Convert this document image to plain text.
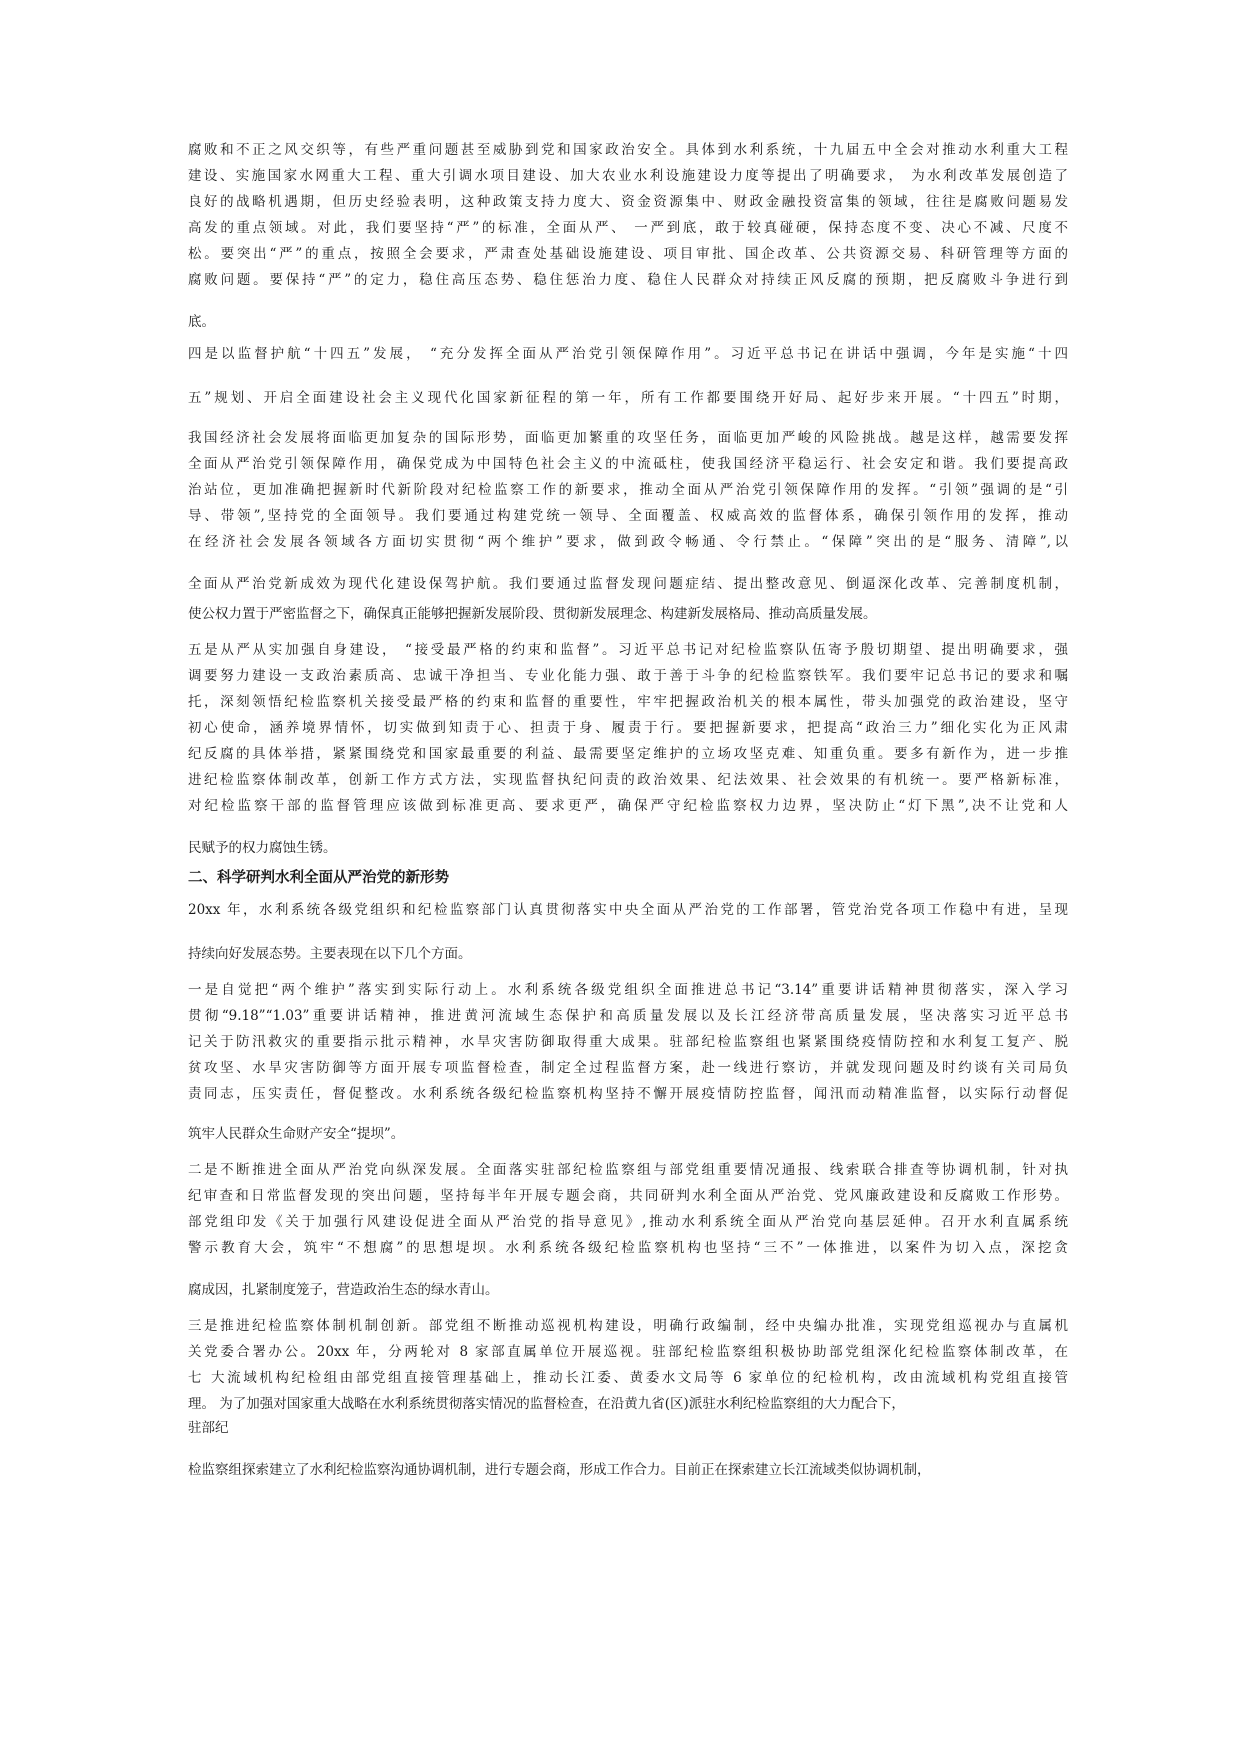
腐败和不正之风交织等，有些严重问题甚至威胁到党和国家政治安全。具体到水利系统，十九届五中全会对推动水利重大工程
建设、实施国家水网重大工程、重大引调水项目建设、加大农业水利设施建设力度等提出了明确要求， 为水利改革发展创造了
良好的战略机遇期，但历史经验表明，这种政策支持力度大、资金资源集中、财政金融投资富集的领域，往往是腐败问题易发
高发的重点领域。对此，我们要坚持“严”的标准，全面从严、 一严到底，敢于较真碰硬，保持态度不变、决心不减、尺度不
松。要突出“严”的重点，按照全会要求，严肃查处基础设施建设、项目审批、国企改革、公共资源交易、科研管理等方面的
腐败问题。要保持“严”的定力，稳住高压态势、稳住惩治力度、稳住人民群众对持续正风反腐的预期，把反腐败斗争进行到
底。
四是以监督护航“十四五”发展， “充分发挥全面从严治党引领保障作用”。习近平总书记在讲话中强调，今年是实施“十四
五”规划、开启全面建设社会主义现代化国家新征程的第一年，所有工作都要围绕开好局、起好步来开展。“十四五”时期，
我国经济社会发展将面临更加复杂的国际形势，面临更加繁重的攻坚任务，面临更加严峻的风险挑战。越是这样，越需要发挥
全面从严治党引领保障作用，确保党成为中国特色社会主义的中流砥柱，使我国经济平稳运行、社会安定和谐。我们要提高政
治站位，更加准确把握新时代新阶段对纪检监察工作的新要求，推动全面从严治党引领保障作用的发挥。“引领”强调的是“引
导、带领”,坚持党的全面领导。我们要通过构建党统一领导、全面覆盖、权威高效的监督体系，确保引领作用的发挥，推动
在经济社会发展各领域各方面切实贯彻“两个维护”要求，做到政令畅通、令行禁止。“保障”突出的是“服务、清障”,以
全面从严治党新成效为现代化建设保驾护航。我们要通过监督发现问题症结、提出整改意见、倒逼深化改革、完善制度机制，
使公权力置于严密监督之下，确保真正能够把握新发展阶段、贯彻新发展理念、构建新发展格局、推动高质量发展。
五是从严从实加强自身建设， “接受最严格的约束和监督”。习近平总书记对纪检监察队伍寄予殷切期望、提出明确要求，强
调要努力建设一支政治素质高、忠诚干净担当、专业化能力强、敢于善于斗争的纪检监察铁军。我们要牢记总书记的要求和嘱
托，深刻领悟纪检监察机关接受最严格的约束和监督的重要性，牢牢把握政治机关的根本属性，带头加强党的政治建设，坚守
初心使命，涵养境界情怀，切实做到知责于心、担责于身、履责于行。要把握新要求，把提高“政治三力”细化实化为正风肃
纪反腐的具体举措，紧紧围绕党和国家最重要的利益、最需要坚定维护的立场攻坚克难、知重负重。要多有新作为，进一步推
进纪检监察体制改革，创新工作方式方法，实现监督执纪问责的政治效果、纪法效果、社会效果的有机统一。要严格新标准，
对纪检监察干部的监督管理应该做到标准更高、要求更严，确保严守纪检监察权力边界，坚决防止“灯下黑”,决不让党和人
民赋予的权力腐蚀生锈。
二、科学研判水利全面从严治党的新形势
20xx 年，水利系统各级党组织和纪检监察部门认真贯彻落实中央全面从严治党的工作部署，管党治党各项工作稳中有进，呈现
持续向好发展态势。主要表现在以下几个方面。
一是自觉把“两个维护”落实到实际行动上。水利系统各级党组织全面推进总书记“3.14”重要讲话精神贯彻落实，深入学习
贯彻“9.18”“1.03”重要讲话精神，推进黄河流域生态保护和高质量发展以及长江经济带高质量发展，坚决落实习近平总书
记关于防汛救灾的重要指示批示精神，水旱灾害防御取得重大成果。驻部纪检监察组也紧紧围绕疫情防控和水利复工复产、脱
贫攻坚、水旱灾害防御等方面开展专项监督检查，制定全过程监督方案，赴一线进行察访，并就发现问题及时约谈有关司局负
责同志，压实责任，督促整改。水利系统各级纪检监察机构坚持不懈开展疫情防控监督，闻汛而动精准监督，以实际行动督促
筑牢人民群众生命财产安全“提坝”。
二是不断推进全面从严治党向纵深发展。全面落实驻部纪检监察组与部党组重要情况通报、线索联合排查等协调机制，针对执
纪审查和日常监督发现的突出问题，坚持每半年开展专题会商，共同研判水利全面从严治党、党风廉政建设和反腐败工作形势。
部党组印发《关于加强行风建设促进全面从严治党的指导意见》,推动水利系统全面从严治党向基层延伸。召开水利直属系统
警示教育大会，筑牢“不想腐”的思想堤坝。水利系统各级纪检监察机构也坚持“三不”一体推进，以案件为切入点，深挖贪
腐成因，扎紧制度笼子，营造政治生态的绿水青山。
三是推进纪检监察体制机制创新。部党组不断推动巡视机构建设，明确行政编制，经中央编办批准，实现党组巡视办与直属机
关党委合署办公。20xx 年，分两轮对 8 家部直属单位开展巡视。驻部纪检监察组积极协助部党组深化纪检监察体制改革，在
七 大流域机构纪检组由部党组直接管理基础上，推动长江委、黄委水文局等 6 家单位的纪检机构，改由流域机构党组直接管
理。 为了加强对国家重大战略在水利系统贯彻落实情况的监督检查，在沿黄九省(区)派驻水利纪检监察组的大力配合下，
驻部纪
检监察组探索建立了水利纪检监察沟通协调机制，进行专题会商，形成工作合力。目前正在探索建立长江流域类似协调机制，
